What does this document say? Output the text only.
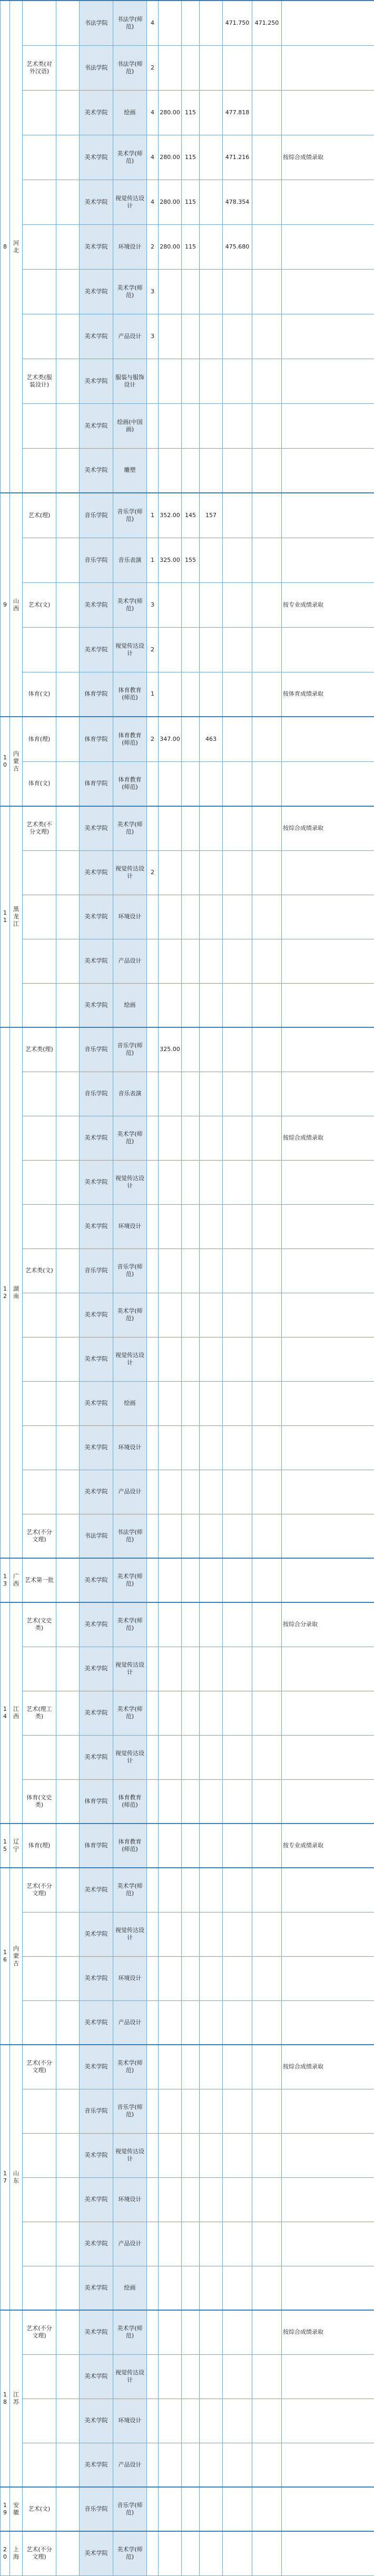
8	河北			书法学院	书法学(师范)	4				471.750	471.250	
		艺术类(对外汉语)		书法学院	书法学(师范)	2						
				美术学院	绘画	4	280.00	115		477.818		
				美术学院	美术学(师范)	4	280.00	115		471.216		按综合成绩录取
				美术学院	视觉传达设计	4	280.00	115		478.354		
				美术学院	环境设计	2	280.00	115		475.680		
				美术学院	美术学(师范)	3						
				美术学院	产品设计	3						
		艺术类(服装设计)		美术学院	服装与服饰设计							
				美术学院	绘画(中国画)							
				美术学院	雕塑							
9	山西	艺术(理)		音乐学院	音乐学(师范)	1	352.00	145	157			
				音乐学院	音乐表演	1	325.00	155				
		艺术(文)		美术学院	美术学(师范)	3						按专业成绩录取
				美术学院	视觉传达设计	2						
		体育(文)		体育学院	体育教育(师范)	1						按体育成绩录取
10	内蒙古	体育(理)		体育学院	体育教育(师范)	2	347.00		463			
		体育(文)		体育学院	体育教育(师范)							
11	黑龙江	艺术类(不分文理)		美术学院	美术学(师范)							按综合成绩录取
				美术学院	视觉传达设计	2						
				美术学院	环境设计							
				美术学院	产品设计							
				美术学院	绘画							
12	湖南	艺术类(理)		音乐学院	音乐学(师范)		325.00					
				音乐学院	音乐表演							
				美术学院	美术学(师范)							按综合成绩录取
				美术学院	视觉传达设计							
				美术学院	环境设计							
		艺术类(文)		音乐学院	音乐学(师范)							
				美术学院	美术学(师范)							
				美术学院	视觉传达设计							
				美术学院	绘画							
				美术学院	环境设计							
				美术学院	产品设计							
		艺术(不分文理)		书法学院	书法学(师范)							
13	广西	艺术第一批		美术学院	美术学(师范)							
14	江西	艺术(文史类)		美术学院	美术学(师范)							按综合分录取
				美术学院	视觉传达设计							
		艺术(理工类)		美术学院	美术学(师范)							
				美术学院	视觉传达设计							
		体育(文史类)		体育学院	体育教育(师范)							
15	辽宁	体育(理)		体育学院	体育教育(师范)							按专业成绩录取
16	内蒙古	艺术(不分文理)		美术学院	美术学(师范)							
				美术学院	视觉传达设计							
				美术学院	环境设计							
				美术学院	产品设计							
17	山东	艺术(不分文理)		美术学院	美术学(师范)							按综合成绩录取
				音乐学院	音乐学(师范)							
				美术学院	视觉传达设计							
				美术学院	环境设计							
				美术学院	产品设计							
				美术学院	绘画							
18	江苏	艺术(不分文理)		美术学院	美术学(师范)							按综合成绩录取
				美术学院	视觉传达设计							
				美术学院	环境设计							
				美术学院	产品设计							
19	安徽	艺术(文)		音乐学院	音乐学(师范)							
20	上海	艺术(不分文理)		美术学院	美术学(师范)							
